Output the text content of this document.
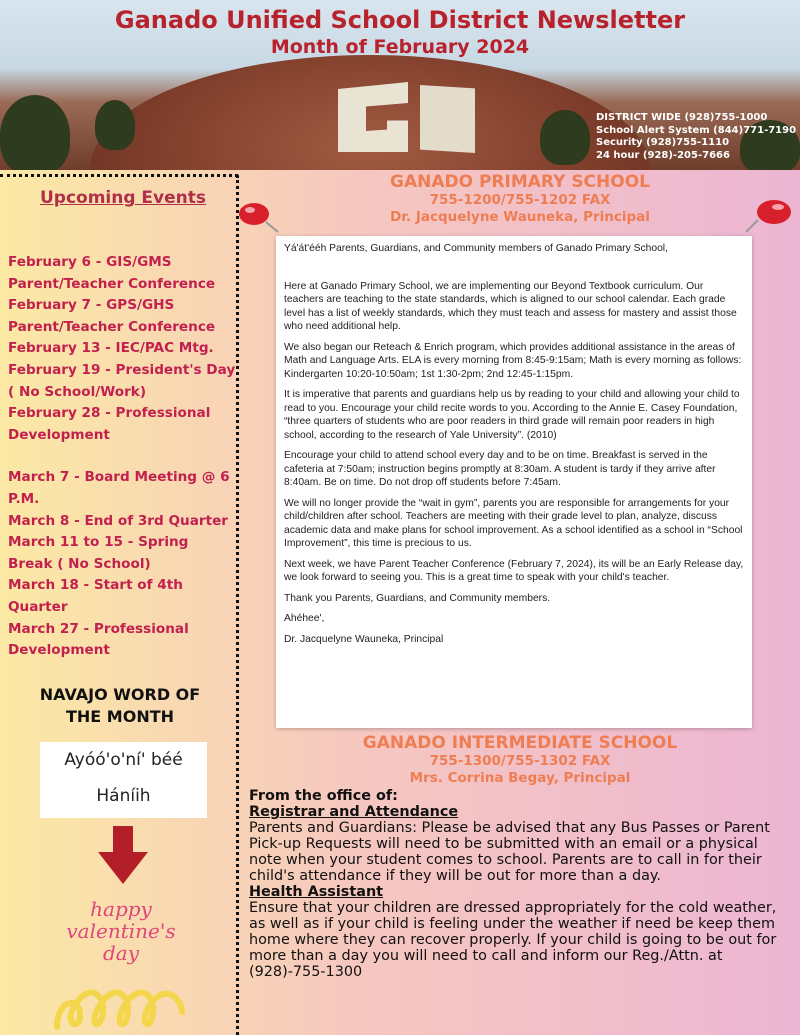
Ganado Unified School District Newsletter
Month of February 2024
DISTRICT WIDE (928)755-1000
School Alert System (844)771-7190
Security (928)755-1110
24 hour (928)-205-7666
Upcoming Events
February 6 - GIS/GMS Parent/Teacher Conference
February 7 - GPS/GHS Parent/Teacher Conference
February 13 - IEC/PAC Mtg.
February 19 - President's Day ( No School/Work)
February 28 - Professional Development
March 7 - Board Meeting @ 6 P.M.
March 8 - End of 3rd Quarter
March 11 to 15 - Spring Break ( No School)
March 18 - Start of 4th Quarter
March 27 - Professional Development
NAVAJO WORD OF THE MONTH
Ayóó'o'ní' béé
Háníih
happy
valentine's
day
GANADO PRIMARY SCHOOL
755-1200/755-1202 FAX
Dr. Jacquelyne Wauneka, Principal

Yá'át'ééh Parents, Guardians, and Community members of Ganado Primary School,

Here at Ganado Primary School, we are implementing our Beyond Textbook curriculum. Our teachers are teaching to the state standards, which is aligned to our school calendar. Each grade level has a list of weekly standards, which they must teach and assess for mastery and assist those who need additional help.

We also began our Reteach & Enrich program, which provides additional assistance in the areas of Math and Language Arts. ELA is every morning from 8:45-9:15am; Math is every morning as follows: Kindergarten 10:20-10:50am; 1st 1:30-2pm; 2nd 12:45-1:15pm.

It is imperative that parents and guardians help us by reading to your child and allowing your child to read to you. Encourage your child recite words to you. According to the Annie E. Casey Foundation, “three quarters of students who are poor readers in third grade will remain poor readers in high school, according to the research of Yale University”. (2010)

Encourage your child to attend school every day and to be on time. Breakfast is served in the cafeteria at 7:50am; instruction begins promptly at 8:30am. A student is tardy if they arrive after 8:40am. Be on time. Do not drop off students before 7:45am.

We will no longer provide the “wait in gym”, parents you are responsible for arrangements for your child/children after school. Teachers are meeting with their grade level to plan, analyze, discuss academic data and make plans for school improvement. As a school identified as a school in “School Improvement”, this time is precious to us.

Next week, we have Parent Teacher Conference (February 7, 2024), its will be an Early Release day, we look forward to seeing you. This is a great time to speak with your child's teacher.

Thank you Parents, Guardians, and Community members.

Ahéhee',

Dr. Jacquelyne Wauneka, Principal

GANADO INTERMEDIATE SCHOOL
755-1300/755-1302 FAX
Mrs. Corrina Begay, Principal
From the office of:
Registrar and Attendance
Parents and Guardians: Please be advised that any Bus Passes or Parent Pick-up Requests will need to be submitted with an email or a physical note when your student comes to school. Parents are to call in for their child's attendance if they will be out for more than a day.
Health Assistant
Ensure that your children are dressed appropriately for the cold weather, as well as if your child is feeling under the weather if need be keep them home where they can recover properly. If your child is going to be out for more than a day you will need to call and inform our Reg./Attn. at (928)-755-1300
